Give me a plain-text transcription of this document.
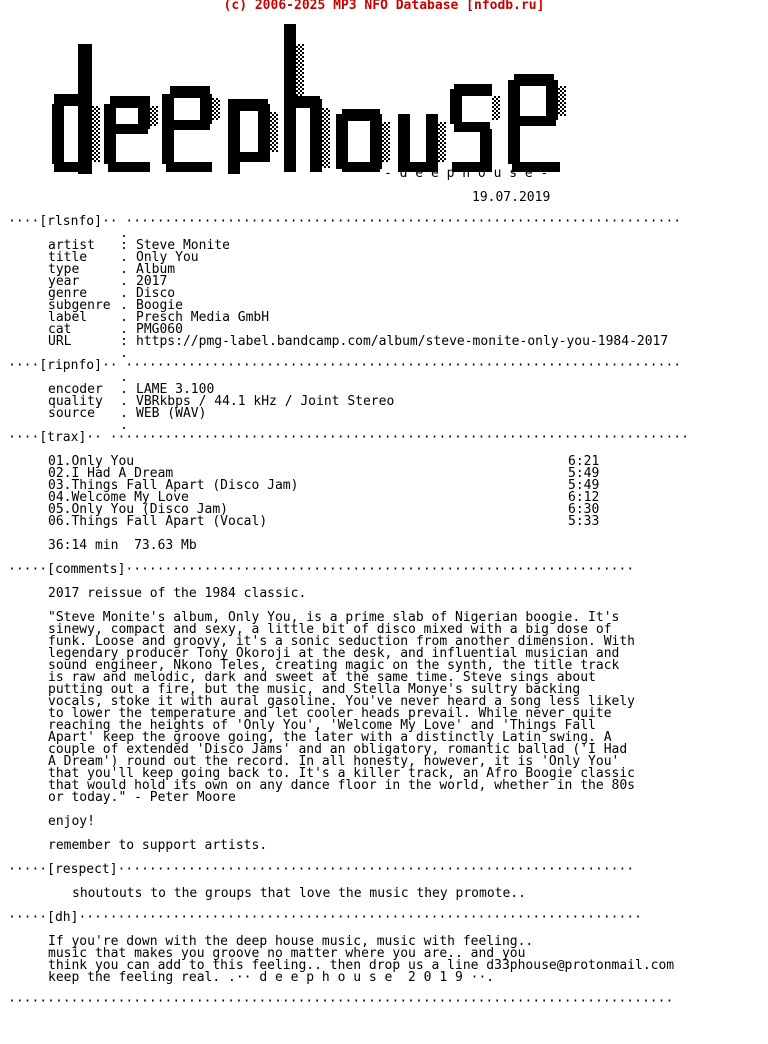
(c) 2006-2025 MP3 NFO Database [nfodb.ru]
- d e e p h o u s e -
19.07.2019
····[rlsnfo]·· ·······································································
.
artist : Steve Monite
title	. Only You
type	. Album
year	. 2017
genre	. Disco
subgenre . Boogie
label	. Presch Media GmbH
cat	. PMG060
URL	: https://pmg-label.bandcamp.com/album/steve-monite-only-you-1984-2017
.
····[ripnfo]·· ·······································································
.
encoder . LAME 3.100
quality . VBRkbps / 44.1 kHz / Joint Stereo
source . WEB (WAV)
.
····[trax]·· ··········································································
01.Only You	6:21
02.I Had A Dream	5:49
03.Things Fall Apart (Disco Jam)	5:49
04.Welcome My Love	6:12
05.Only You (Disco Jam)	6:30
06.Things Fall Apart (Vocal)	5:33
36:14 min  73.63 Mb
·····[comments]·································································
2017 reissue of the 1984 classic.
"Steve Monite's album, Only You, is a prime slab of Nigerian boogie. It's
sinewy, compact and sexy, a little bit of disco mixed with a big dose of
funk. Loose and groovy, it's a sonic seduction from another dimension. With
legendary producer Tony Okoroji at the desk, and influential musician and
sound engineer, Nkono Teles, creating magic on the synth, the title track
is raw and melodic, dark and sweet at the same time. Steve sings about
putting out a fire, but the music, and Stella Monye's sultry backing
vocals, stoke it with aural gasoline. You've never heard a song less likely
to lower the temperature and let cooler heads prevail. While never quite
reaching the heights of 'Only You', 'Welcome My Love' and 'Things Fall
Apart' keep the groove going, the later with a distinctly Latin swing. A
couple of extended 'Disco Jams' and an obligatory, romantic ballad ('I Had
A Dream') round out the record. In all honesty, however, it is 'Only You'
that you'll keep going back to. It's a killer track, an Afro Boogie classic
that would hold its own on any dance floor in the world, whether in the 80s
or today." - Peter Moore
enjoy!
remember to support artists.
·····[respect]··································································
shoutouts to the groups that love the music they promote..
·····[dh]········································································
If you're down with the deep house music, music with feeling..
music that makes you groove no matter where you are.. and you
think you can add to this feeling.. then drop us a line d33phouse@protonmail.com
keep the feeling real. .·· d e e p h o u s e  2 0 1 9 ··.
·····················································································
